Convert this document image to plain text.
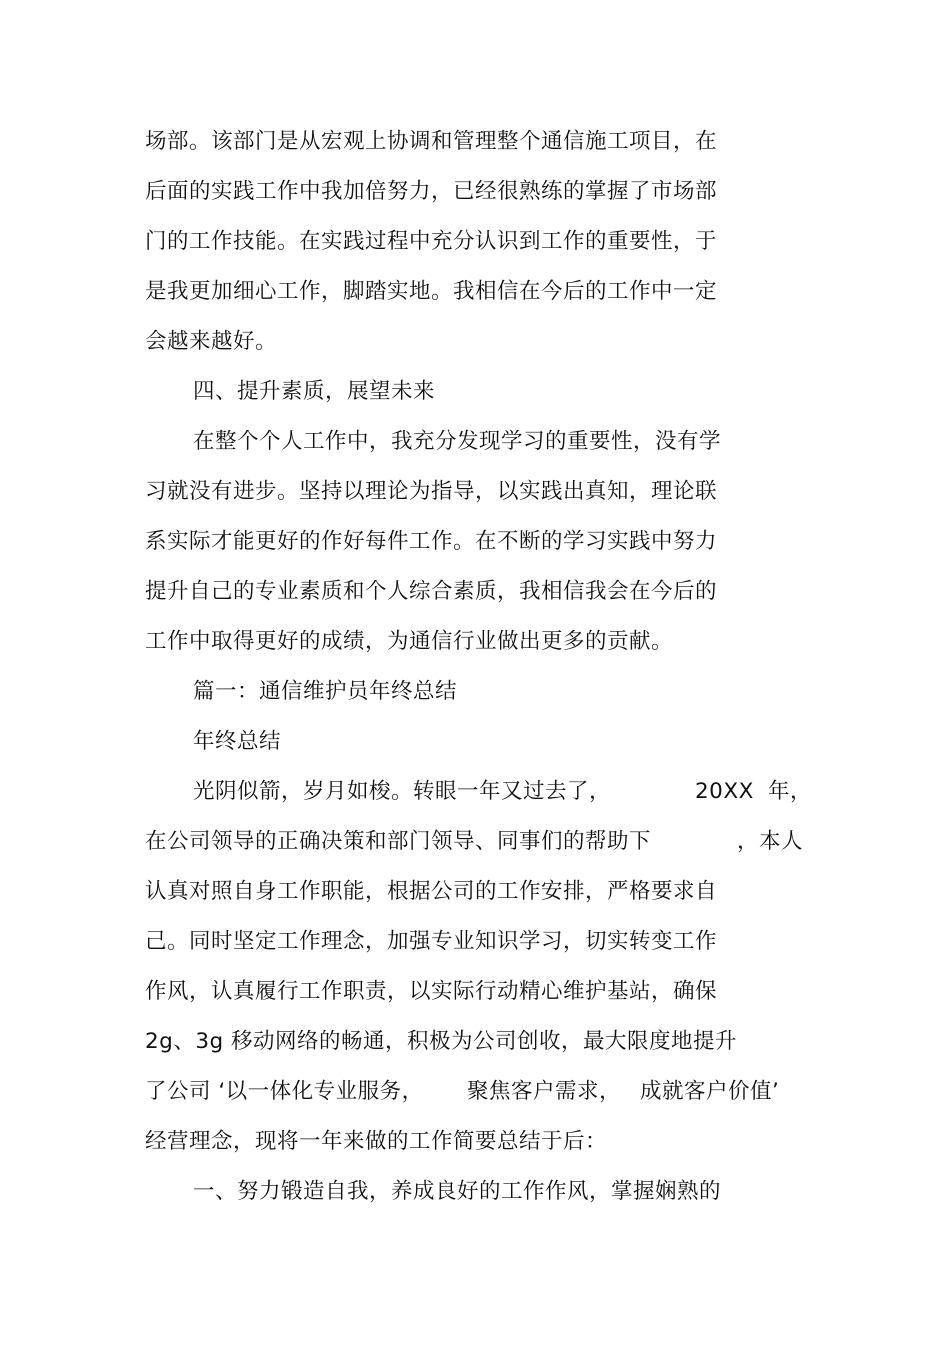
场部。该部门是从宏观上协调和管理整个通信施工项目，在
后面的实践工作中我加倍努力，已经很熟练的掌握了市场部
门的工作技能。在实践过程中充分认识到工作的重要性，于
是我更加细心工作，脚踏实地。我相信在今后的工作中一定
会越来越好。
四、提升素质，展望未来
在整个个人工作中，我充分发现学习的重要性，没有学
习就没有进步。坚持以理论为指导，以实践出真知，理论联
系实际才能更好的作好每件工作。在不断的学习实践中努力
提升自己的专业素质和个人综合素质，我相信我会在今后的
工作中取得更好的成绩，为通信行业做出更多的贡献。
篇一：通信维护员年终总结
年终总结
光阴似箭，岁月如梭。转眼一年又过去了，	20XX 年，
在公司领导的正确决策和部门领导、同事们的帮助下	，本人
认真对照自身工作职能，根据公司的工作安排，严格要求自
己。同时坚定工作理念，加强专业知识学习，切实转变工作
作风，认真履行工作职责，以实际行动精心维护基站，确保
2g、3g 移动网络的畅通，积极为公司创收，最大限度地提升
了公司 ‘以一体化专业服务， 聚焦客户需求， 成就客户价值’
经营理念，现将一年来做的工作简要总结于后：
一、努力锻造自我，养成良好的工作作风，掌握娴熟的
